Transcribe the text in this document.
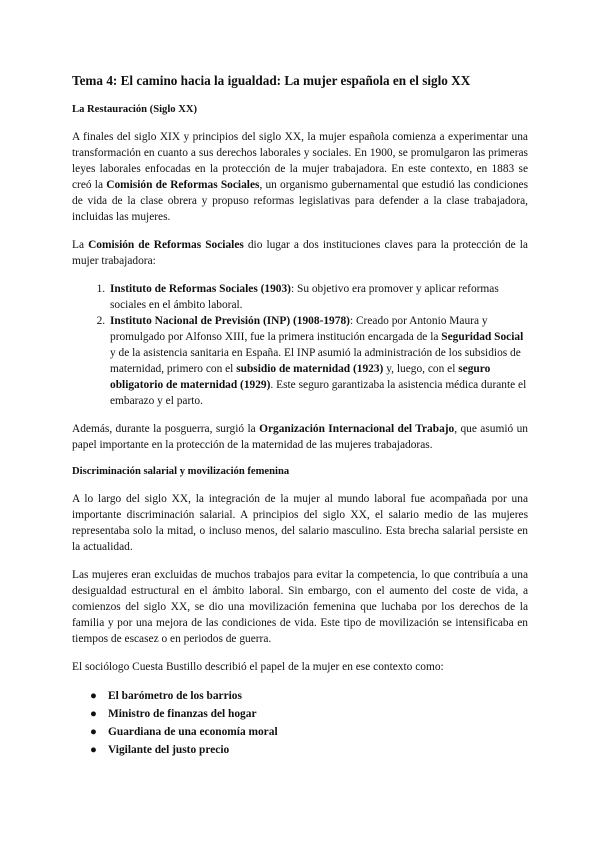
Tema 4: El camino hacia la igualdad: La mujer española en el siglo XX
La Restauración (Siglo XX)

A finales del siglo XIX y principios del siglo XX, la mujer española comienza a experimentar una transformación en cuanto a sus derechos laborales y sociales. En 1900, se promulgaron las primeras leyes laborales enfocadas en la protección de la mujer trabajadora. En este contexto, en 1883 se creó la Comisión de Reformas Sociales, un organismo gubernamental que estudió las condiciones de vida de la clase obrera y propuso reformas legislativas para defender a la clase trabajadora, incluidas las mujeres.

La Comisión de Reformas Sociales dio lugar a dos instituciones claves para la protección de la mujer trabajadora:

1. Instituto de Reformas Sociales (1903): Su objetivo era promover y aplicar reformas sociales en el ámbito laboral.
2. Instituto Nacional de Previsión (INP) (1908-1978): Creado por Antonio Maura y promulgado por Alfonso XIII, fue la primera institución encargada de la Seguridad Social y de la asistencia sanitaria en España. El INP asumió la administración de los subsidios de maternidad, primero con el subsidio de maternidad (1923) y, luego, con el seguro obligatorio de maternidad (1929). Este seguro garantizaba la asistencia médica durante el embarazo y el parto.

Además, durante la posguerra, surgió la Organización Internacional del Trabajo, que asumió un papel importante en la protección de la maternidad de las mujeres trabajadoras.

Discriminación salarial y movilización femenina

A lo largo del siglo XX, la integración de la mujer al mundo laboral fue acompañada por una importante discriminación salarial. A principios del siglo XX, el salario medio de las mujeres representaba solo la mitad, o incluso menos, del salario masculino. Esta brecha salarial persiste en la actualidad.

Las mujeres eran excluidas de muchos trabajos para evitar la competencia, lo que contribuía a una desigualdad estructural en el ámbito laboral. Sin embargo, con el aumento del coste de vida, a comienzos del siglo XX, se dio una movilización femenina que luchaba por los derechos de la familia y por una mejora de las condiciones de vida. Este tipo de movilización se intensificaba en tiempos de escasez o en periodos de guerra.

El sociólogo Cuesta Bustillo describió el papel de la mujer en ese contexto como:

● El barómetro de los barrios
● Ministro de finanzas del hogar
● Guardiana de una economía moral
● Vigilante del justo precio
